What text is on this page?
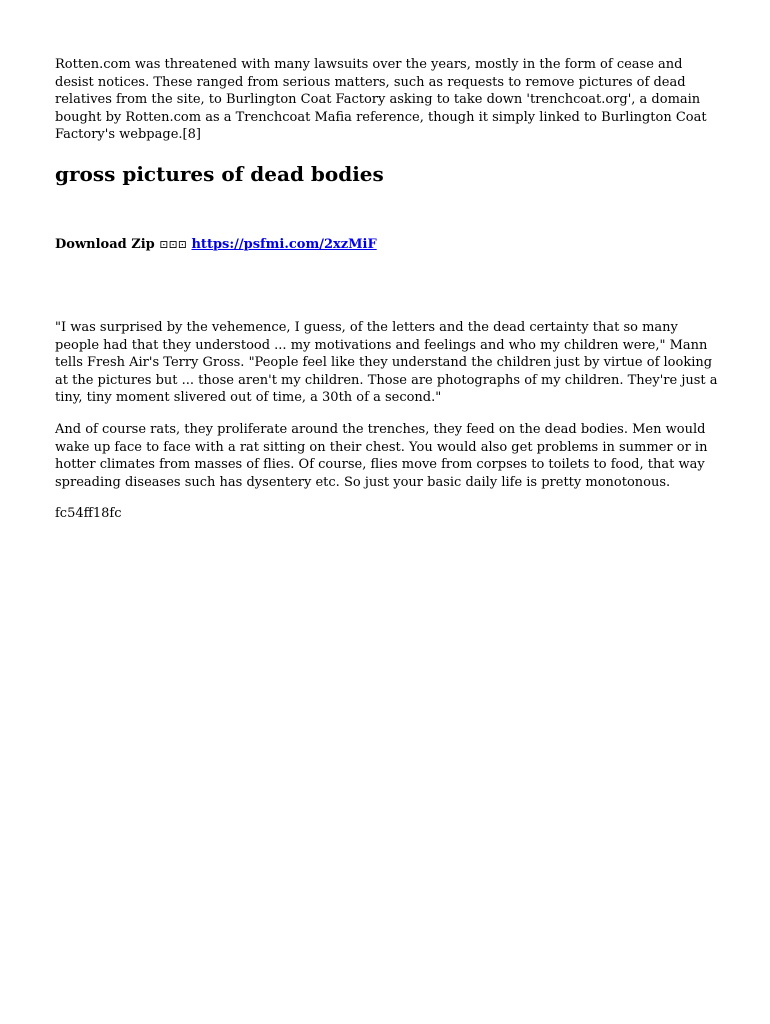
Rotten.com was threatened with many lawsuits over the years, mostly in the form of cease and desist notices. These ranged from serious matters, such as requests to remove pictures of dead relatives from the site, to Burlington Coat Factory asking to take down 'trenchcoat.org', a domain bought by Rotten.com as a Trenchcoat Mafia reference, though it simply linked to Burlington Coat Factory's webpage.[8]

gross pictures of dead bodies
Download Zip ⊡⊡⊡ https://psfmi.com/2xzMiF

"I was surprised by the vehemence, I guess, of the letters and the dead certainty that so many people had that they understood ... my motivations and feelings and who my children were," Mann tells Fresh Air's Terry Gross. "People feel like they understand the children just by virtue of looking at the pictures but ... those aren't my children. Those are photographs of my children. They're just a tiny, tiny moment slivered out of time, a 30th of a second."

And of course rats, they proliferate around the trenches, they feed on the dead bodies. Men would wake up face to face with a rat sitting on their chest. You would also get problems in summer or in hotter climates from masses of flies. Of course, flies move from corpses to toilets to food, that way spreading diseases such has dysentery etc. So just your basic daily life is pretty monotonous.

fc54ff18fc
